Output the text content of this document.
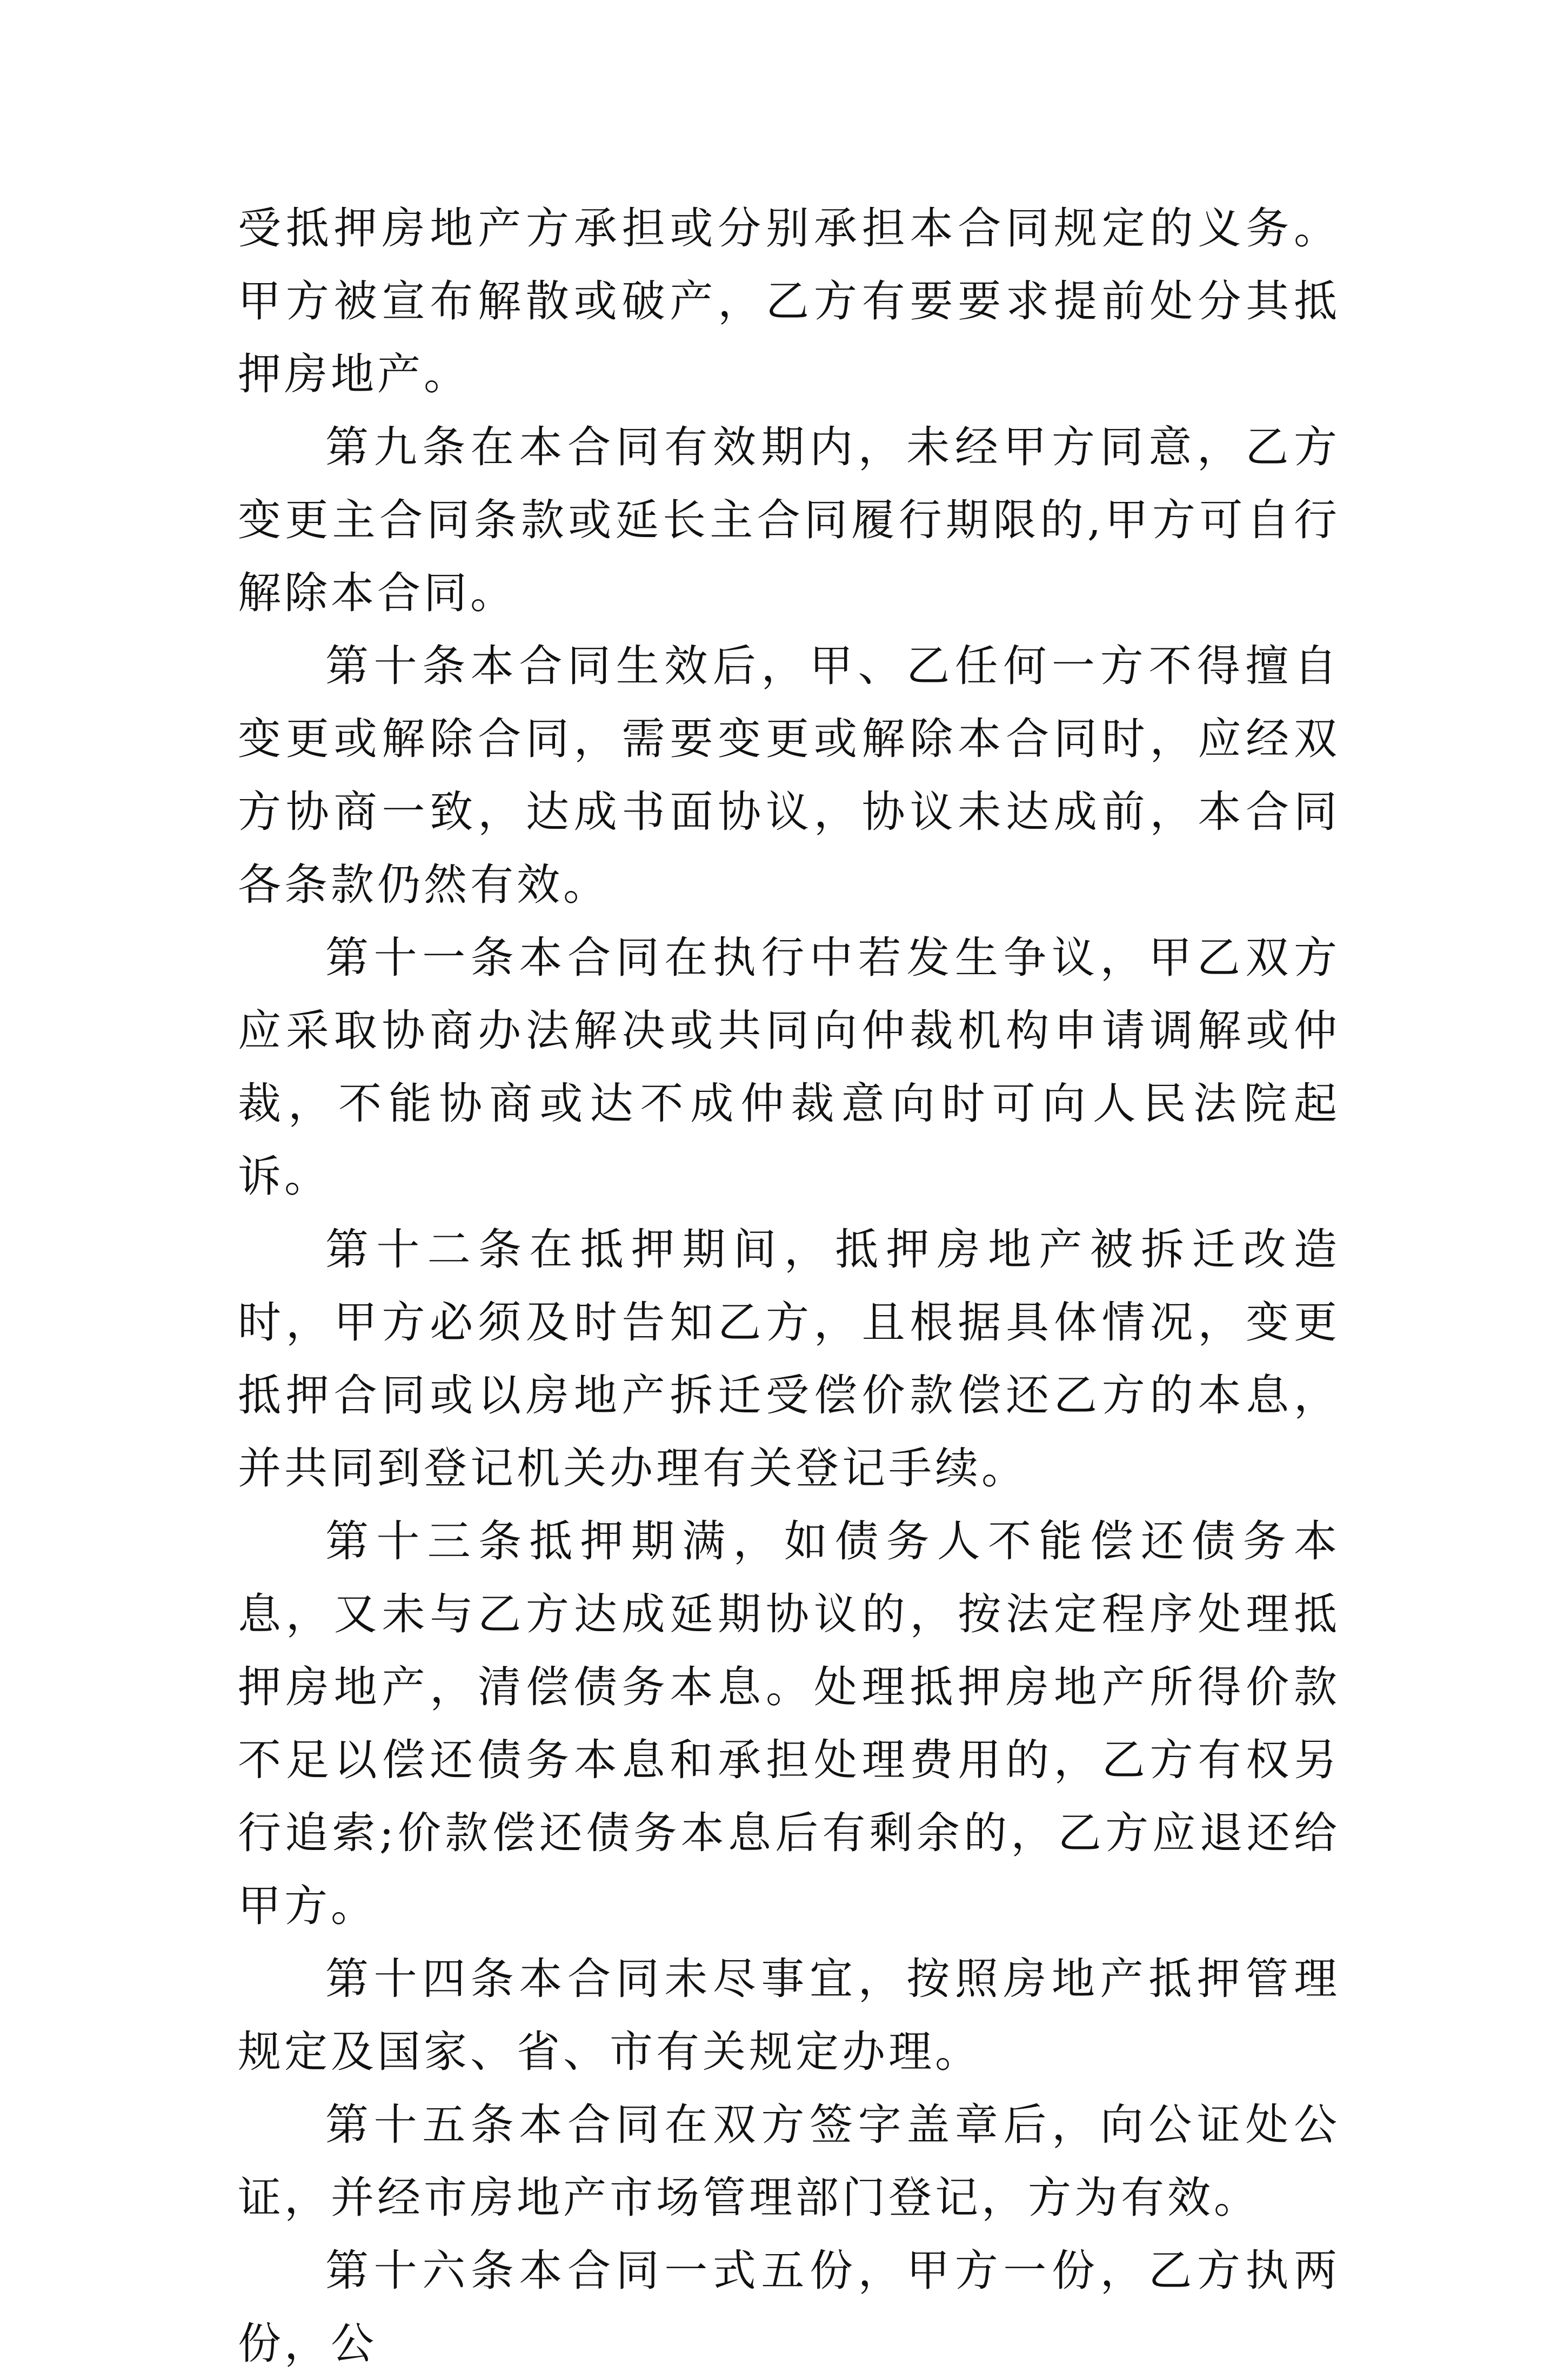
受抵押房地产方承担或分别承担本合同规定的义务。甲方被宣布解散或破产，乙方有要要求提前处分其抵押房地产。

第九条在本合同有效期内，未经甲方同意，乙方变更主合同条款或延长主合同履行期限的,甲方可自行解除本合同。

第十条本合同生效后，甲、乙任何一方不得擅自变更或解除合同，需要变更或解除本合同时，应经双方协商一致，达成书面协议，协议未达成前，本合同各条款仍然有效。

第十一条本合同在执行中若发生争议，甲乙双方应采取协商办法解决或共同向仲裁机构申请调解或仲裁，不能协商或达不成仲裁意向时可向人民法院起诉。

第十二条在抵押期间，抵押房地产被拆迁改造时，甲方必须及时告知乙方，且根据具体情况，变更抵押合同或以房地产拆迁受偿价款偿还乙方的本息，并共同到登记机关办理有关登记手续。

第十三条抵押期满，如债务人不能偿还债务本息，又未与乙方达成延期协议的，按法定程序处理抵押房地产，清偿债务本息。处理抵押房地产所得价款不足以偿还债务本息和承担处理费用的，乙方有权另行追索;价款偿还债务本息后有剩余的，乙方应退还给甲方。

第十四条本合同未尽事宜，按照房地产抵押管理规定及国家、省、市有关规定办理。

第十五条本合同在双方签字盖章后，向公证处公证，并经市房地产市场管理部门登记，方为有效。

第十六条本合同一式五份，甲方一份，乙方执两份，公
